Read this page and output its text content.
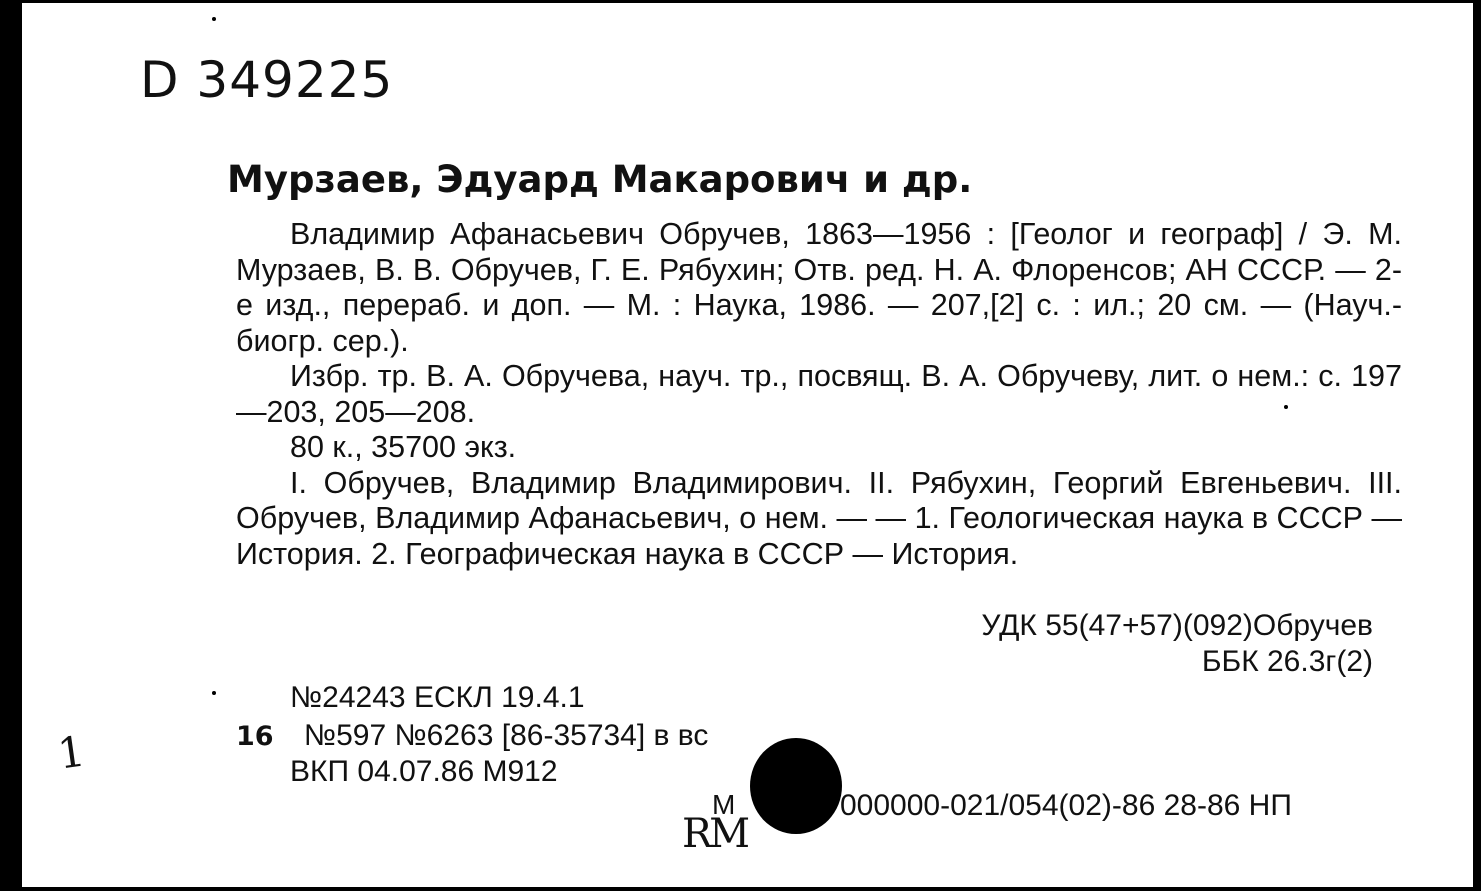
D 349225
Мурзаев, Эдуард Макарович и др.

Владимир Афанасьевич Обручев, 1863—1956 : [Геолог и географ] / Э. М. Мурзаев, В. В. Обручев, Г. Е. Рябухин; Отв. ред. Н. А. Флоренсов; АН СССР. — 2-е изд., перераб. и доп. — М. : Наука, 1986. — 207,[2] с. : ил.; 20 см. — (Науч.-биогр. сер.).

Избр. тр. В. А. Обручева, науч. тр., посвящ. В. А. Обручеву, лит. о нем.: с. 197—203, 205—208.

80 к., 35700 экз.

I. Обручев, Владимир Владимирович. II. Рябухин, Георгий Евгеньевич. III. Обручев, Владимир Афанасьевич, о нем. — — 1. Геологическая наука в СССР — История. 2. Географическая наука в СССР — История.

УДК 55(47+57)(092)Обручев
ББК 26.3г(2)
№24243 ЕСКЛ 19.4.1
16 №597 №6263 [86-35734] в вс
ВКП 04.07.86 М912
1
М
RМ
000000-021/054(02)-86 28-86 НП
